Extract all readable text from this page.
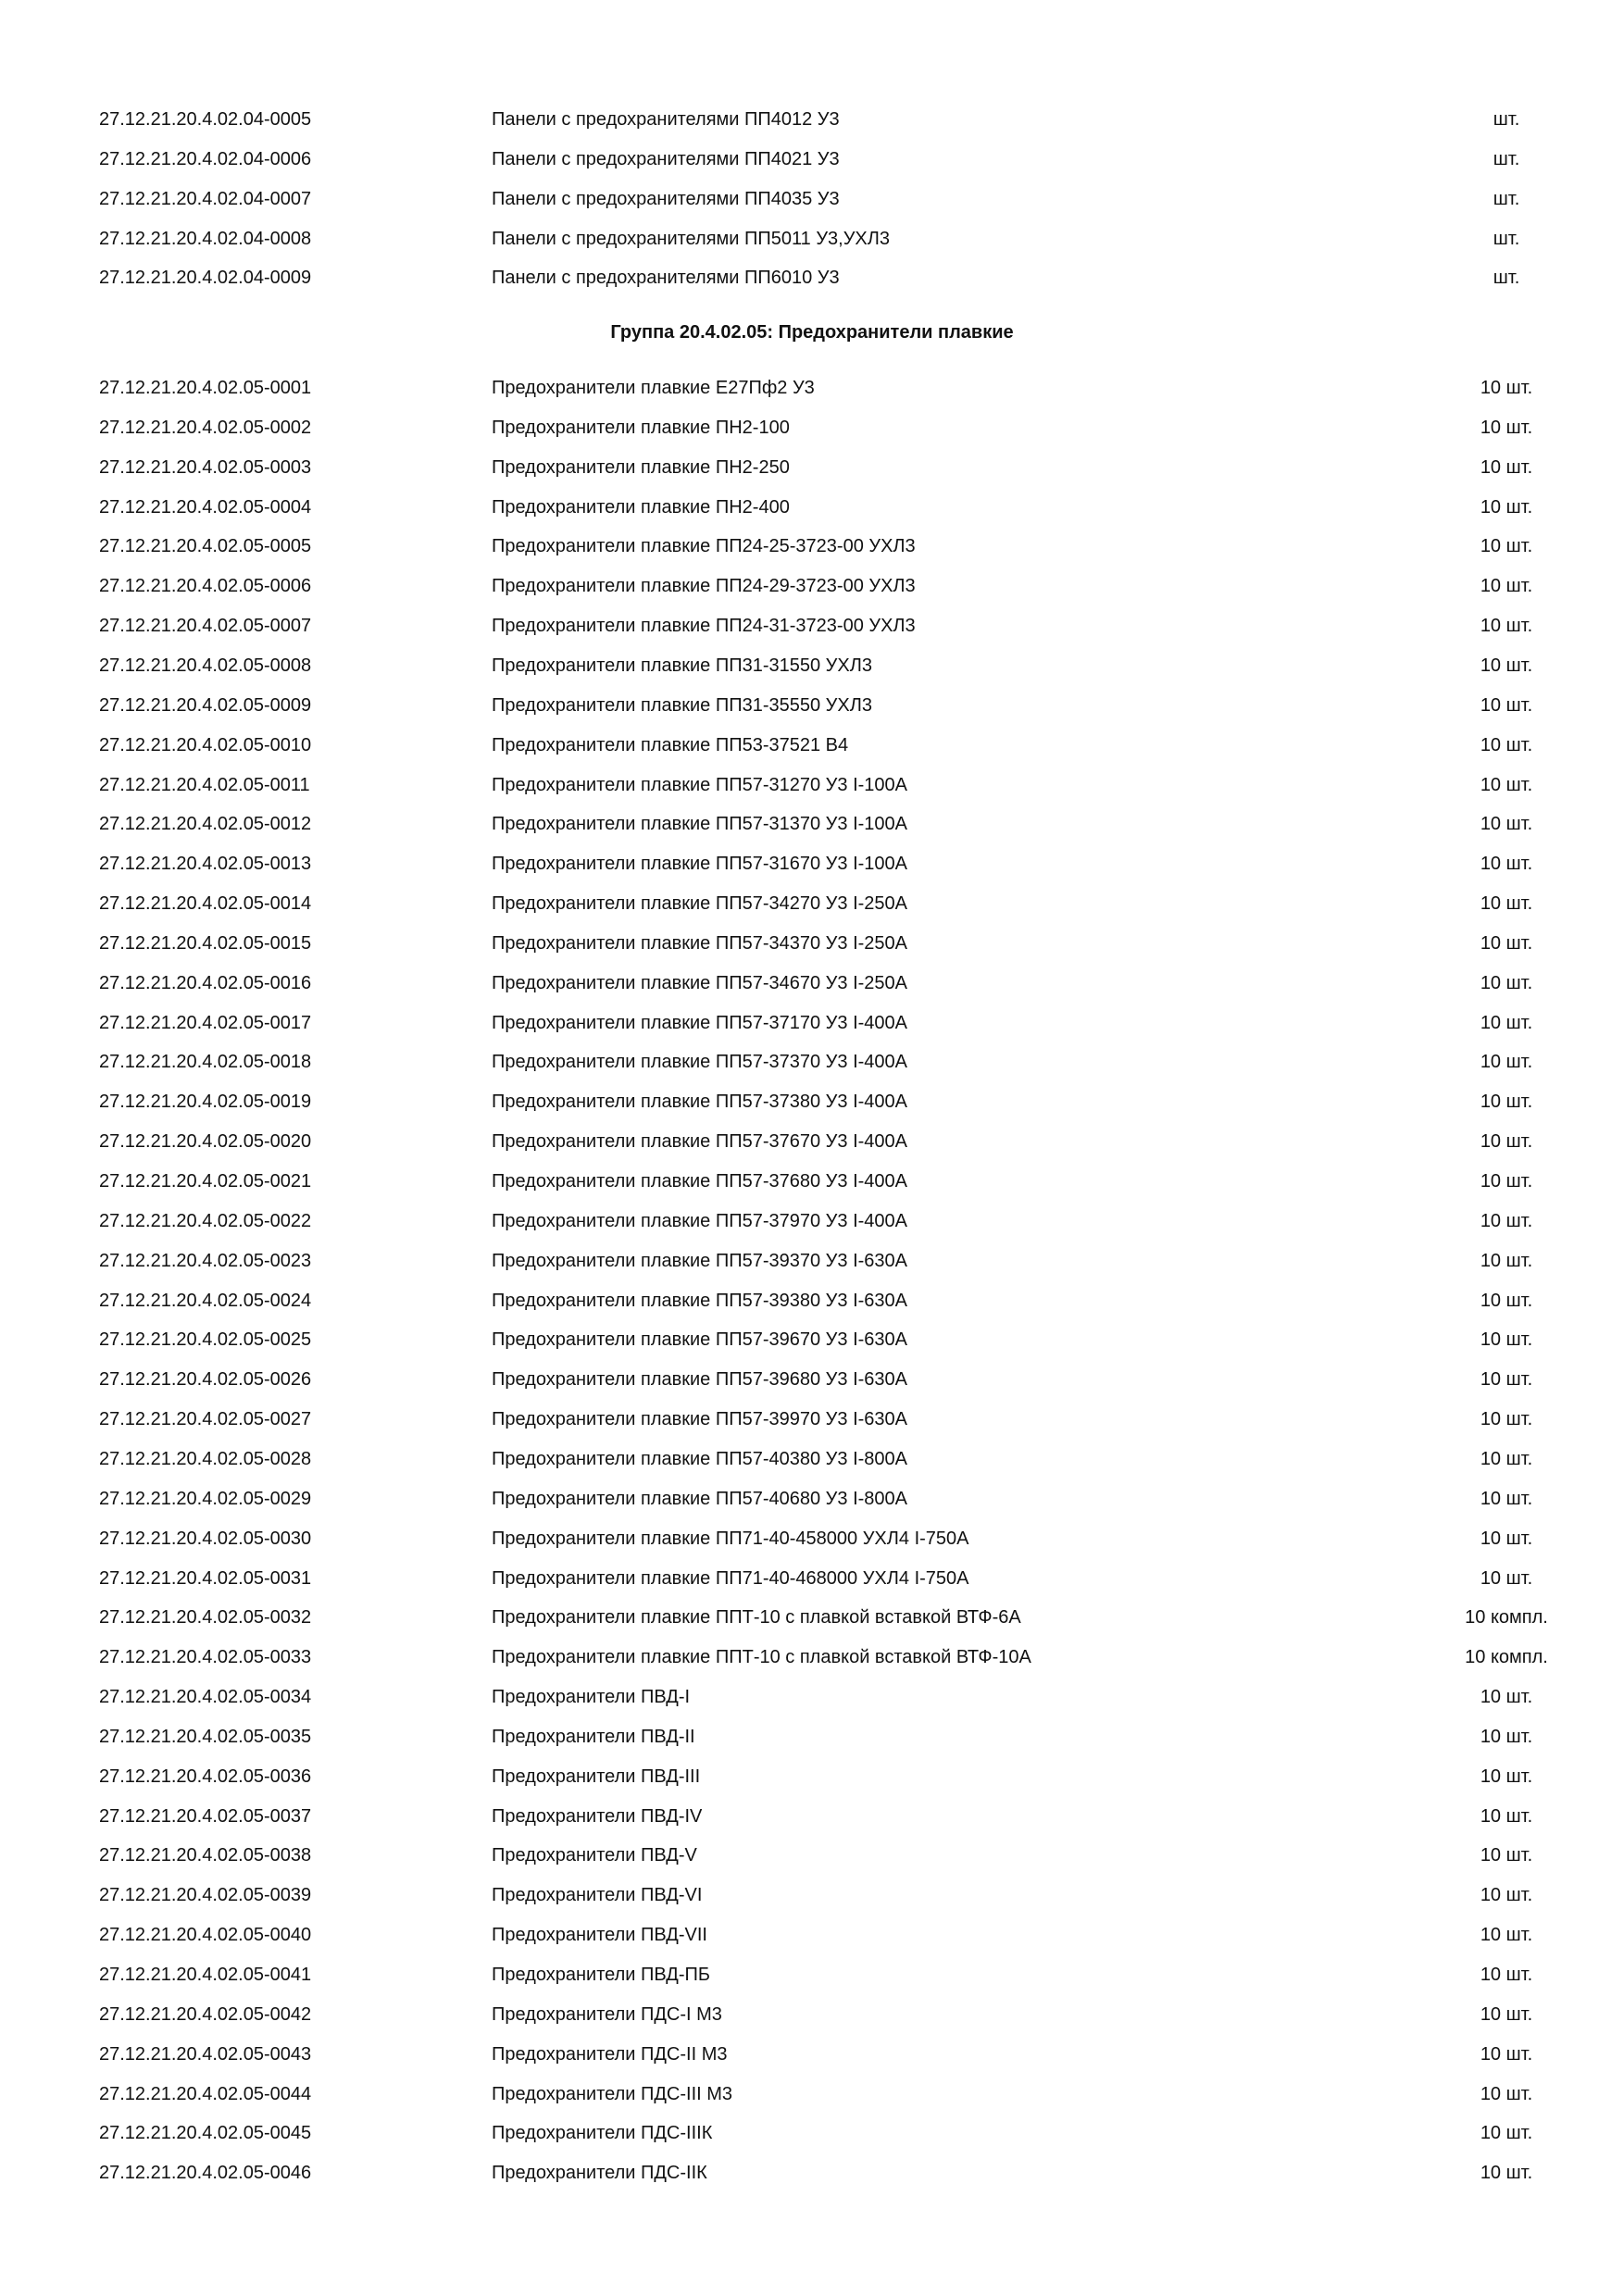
27.12.21.20.4.02.04-0005	Панели с предохранителями ПП4012 У3	шт.
27.12.21.20.4.02.04-0006	Панели с предохранителями ПП4021 У3	шт.
27.12.21.20.4.02.04-0007	Панели с предохранителями ПП4035 У3	шт.
27.12.21.20.4.02.04-0008	Панели с предохранителями ПП5011 У3,УХЛ3	шт.
27.12.21.20.4.02.04-0009	Панели с предохранителями ПП6010 У3	шт.
Группа 20.4.02.05: Предохранители плавкие
27.12.21.20.4.02.05-0001	Предохранители плавкие Е27Пф2 У3	10 шт.
27.12.21.20.4.02.05-0002	Предохранители плавкие ПН2-100	10 шт.
27.12.21.20.4.02.05-0003	Предохранители плавкие ПН2-250	10 шт.
27.12.21.20.4.02.05-0004	Предохранители плавкие ПН2-400	10 шт.
27.12.21.20.4.02.05-0005	Предохранители плавкие ПП24-25-3723-00 УХЛ3	10 шт.
27.12.21.20.4.02.05-0006	Предохранители плавкие ПП24-29-3723-00 УХЛ3	10 шт.
27.12.21.20.4.02.05-0007	Предохранители плавкие ПП24-31-3723-00 УХЛ3	10 шт.
27.12.21.20.4.02.05-0008	Предохранители плавкие ПП31-31550 УХЛ3	10 шт.
27.12.21.20.4.02.05-0009	Предохранители плавкие ПП31-35550 УХЛ3	10 шт.
27.12.21.20.4.02.05-0010	Предохранители плавкие ПП53-37521 В4	10 шт.
27.12.21.20.4.02.05-0011	Предохранители плавкие ПП57-31270 У3 I-100А	10 шт.
27.12.21.20.4.02.05-0012	Предохранители плавкие ПП57-31370 У3 I-100А	10 шт.
27.12.21.20.4.02.05-0013	Предохранители плавкие ПП57-31670 У3 I-100А	10 шт.
27.12.21.20.4.02.05-0014	Предохранители плавкие ПП57-34270 У3 I-250А	10 шт.
27.12.21.20.4.02.05-0015	Предохранители плавкие ПП57-34370 У3 I-250А	10 шт.
27.12.21.20.4.02.05-0016	Предохранители плавкие ПП57-34670 У3 I-250А	10 шт.
27.12.21.20.4.02.05-0017	Предохранители плавкие ПП57-37170 У3 I-400А	10 шт.
27.12.21.20.4.02.05-0018	Предохранители плавкие ПП57-37370 У3 I-400А	10 шт.
27.12.21.20.4.02.05-0019	Предохранители плавкие ПП57-37380 У3 I-400А	10 шт.
27.12.21.20.4.02.05-0020	Предохранители плавкие ПП57-37670 У3 I-400А	10 шт.
27.12.21.20.4.02.05-0021	Предохранители плавкие ПП57-37680 У3 I-400А	10 шт.
27.12.21.20.4.02.05-0022	Предохранители плавкие ПП57-37970 У3 I-400А	10 шт.
27.12.21.20.4.02.05-0023	Предохранители плавкие ПП57-39370 У3 I-630А	10 шт.
27.12.21.20.4.02.05-0024	Предохранители плавкие ПП57-39380 У3 I-630А	10 шт.
27.12.21.20.4.02.05-0025	Предохранители плавкие ПП57-39670 У3 I-630А	10 шт.
27.12.21.20.4.02.05-0026	Предохранители плавкие ПП57-39680 У3 I-630А	10 шт.
27.12.21.20.4.02.05-0027	Предохранители плавкие ПП57-39970 У3 I-630А	10 шт.
27.12.21.20.4.02.05-0028	Предохранители плавкие ПП57-40380 У3 I-800А	10 шт.
27.12.21.20.4.02.05-0029	Предохранители плавкие ПП57-40680 У3 I-800А	10 шт.
27.12.21.20.4.02.05-0030	Предохранители плавкие ПП71-40-458000 УХЛ4 I-750А	10 шт.
27.12.21.20.4.02.05-0031	Предохранители плавкие ПП71-40-468000 УХЛ4 I-750А	10 шт.
27.12.21.20.4.02.05-0032	Предохранители плавкие ППТ-10 с плавкой вставкой ВТФ-6А	10 компл.
27.12.21.20.4.02.05-0033	Предохранители плавкие ППТ-10 с плавкой вставкой ВТФ-10А	10 компл.
27.12.21.20.4.02.05-0034	Предохранители ПВД-I	10 шт.
27.12.21.20.4.02.05-0035	Предохранители ПВД-II	10 шт.
27.12.21.20.4.02.05-0036	Предохранители ПВД-III	10 шт.
27.12.21.20.4.02.05-0037	Предохранители ПВД-IV	10 шт.
27.12.21.20.4.02.05-0038	Предохранители ПВД-V	10 шт.
27.12.21.20.4.02.05-0039	Предохранители ПВД-VI	10 шт.
27.12.21.20.4.02.05-0040	Предохранители ПВД-VII	10 шт.
27.12.21.20.4.02.05-0041	Предохранители ПВД-ПБ	10 шт.
27.12.21.20.4.02.05-0042	Предохранители ПДС-I М3	10 шт.
27.12.21.20.4.02.05-0043	Предохранители ПДС-II М3	10 шт.
27.12.21.20.4.02.05-0044	Предохранители ПДС-III М3	10 шт.
27.12.21.20.4.02.05-0045	Предохранители ПДС-IIIК	10 шт.
27.12.21.20.4.02.05-0046	Предохранители ПДС-IIК	10 шт.
